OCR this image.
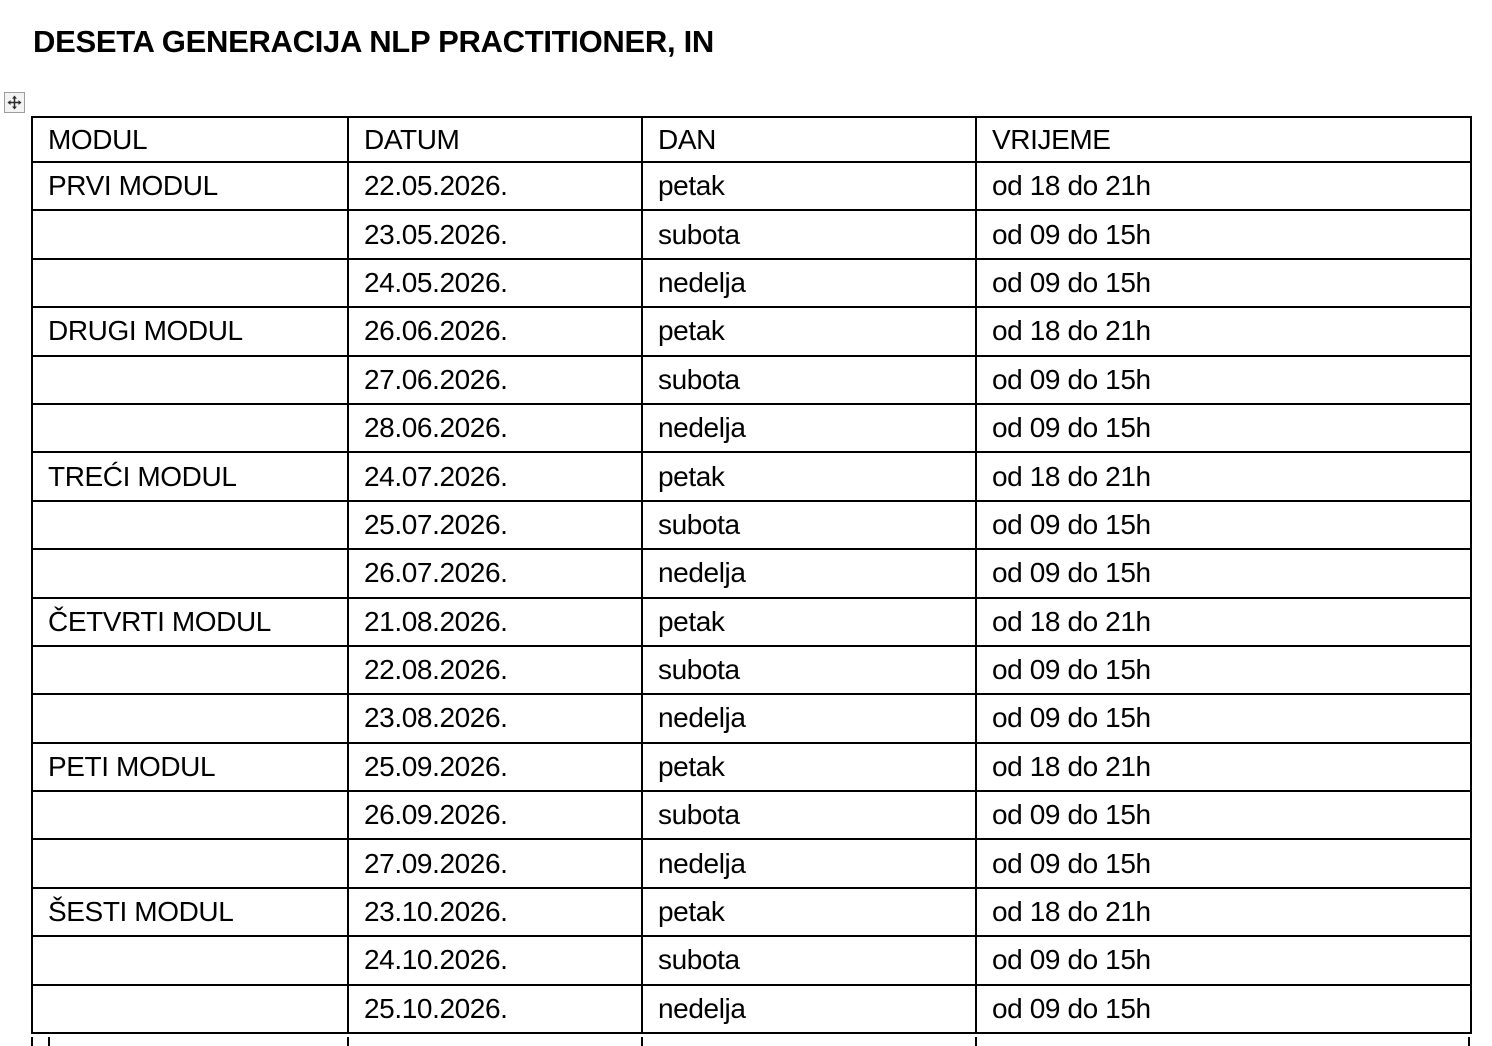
DESETA GENERACIJA NLP PRACTITIONER, IN
MODUL	DATUM	DAN	VRIJEME
PRVI MODUL	22.05.2026.	petak	od 18 do 21h
	23.05.2026.	subota	od 09 do 15h
	24.05.2026.	nedelja	od 09 do 15h
DRUGI MODUL	26.06.2026.	petak	od 18 do 21h
	27.06.2026.	subota	od 09 do 15h
	28.06.2026.	nedelja	od 09 do 15h
TREĆI MODUL	24.07.2026.	petak	od 18 do 21h
	25.07.2026.	subota	od 09 do 15h
	26.07.2026.	nedelja	od 09 do 15h
ČETVRTI MODUL	21.08.2026.	petak	od 18 do 21h
	22.08.2026.	subota	od 09 do 15h
	23.08.2026.	nedelja	od 09 do 15h
PETI MODUL	25.09.2026.	petak	od 18 do 21h
	26.09.2026.	subota	od 09 do 15h
	27.09.2026.	nedelja	od 09 do 15h
ŠESTI MODUL	23.10.2026.	petak	od 18 do 21h
	24.10.2026.	subota	od 09 do 15h
	25.10.2026.	nedelja	od 09 do 15h
